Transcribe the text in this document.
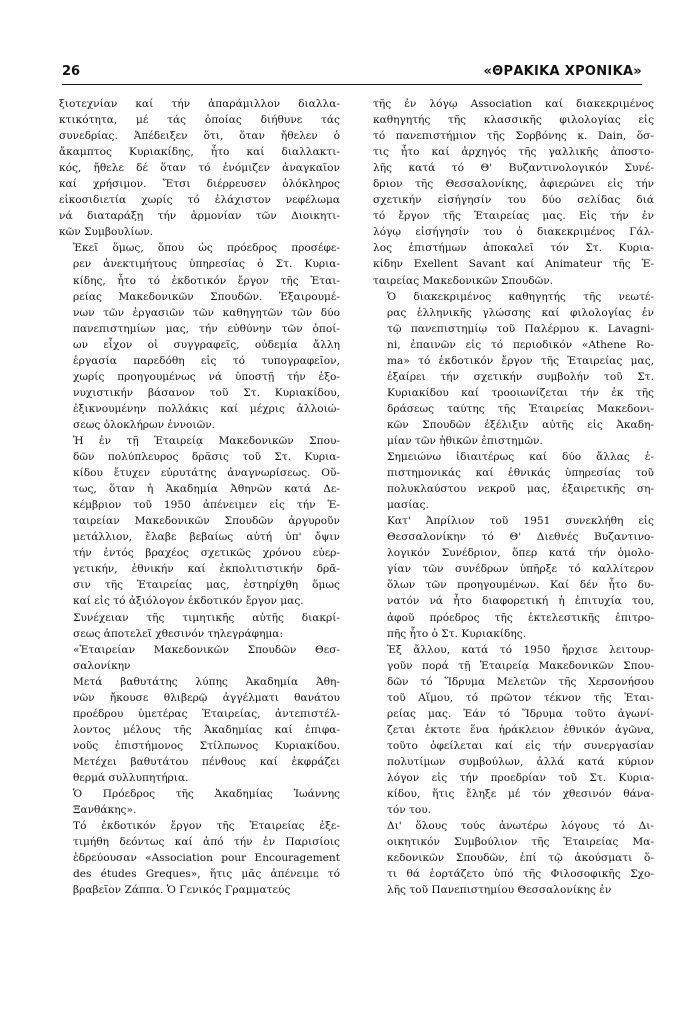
26	«ΘΡΑΚΙΚΑ ΧΡΟΝΙΚΑ»

ξιοτεχνίαν καί τήν ἀπαράμιλλον διαλλα-
κτικότητα, μέ τάς ὁποίας διήθυνε τάς
συνεδρίας. Ἀπέδειξεν ὅτι, ὅταν ἤθελεν ὁ
ἄκαμπτος Κυριακίδης, ἦτο καί διαλλακτι-
κός, ἤθελε δέ ὅταν τό ἐνόμιζεν ἀναγκαῖον
καί χρήσιμον. Ἔτσι διέρρευσεν ὁλόκληρος
εἰκοσιδιετία χωρίς τό ἐλάχιστον νεφέλωμα
νά διαταράξῃ τήν ἁρμονίαν τῶν Διοικητι-
κῶν Συμβουλίων.

Ἐκεῖ ὅμως, ὅπου ὡς πρόεδρος προσέφε-
ρεν ἀνεκτιμήτους ὑπηρεσίας ὁ Στ. Κυρια-
κίδης, ἦτο τό ἐκδοτικόν ἔργον τῆς Ἑται-
ρείας Μακεδονικῶν Σπουδῶν. Ἐξαιρουμέ-
νων τῶν ἐργασιῶν τῶν καθηγητῶν τῶν δύο
πανεπιστημίων μας, τήν εὐθύνην τῶν ὁποί-
ων εἶχον οἱ συγγραφεῖς, οὐδεμία ἄλλη
ἐργασία παρεδόθη εἰς τό τυπογραφεῖον,
χωρίς προηγουμένως νά ὑποστῇ τήν ἐξο-
νυχιστικήν βάσανον τοῦ Στ. Κυριακίδου,
ἐξικνουμένην πολλάκις καί μέχρις ἀλλοιώ-
σεως ὁλοκλήρων ἐννοιῶν.

Ἡ ἐν τῇ Ἑταιρείᾳ Μακεδονικῶν Σπου-
δῶν πολύπλευρος δρᾶσις τοῦ Στ. Κυρια-
κίδου ἔτυχεν εὐρυτάτης ἀναγνωρίσεως. Οὕ-
τως, ὅταν ἡ Ἀκαδημία Ἀθηνῶν κατά Δε-
κέμβριον τοῦ 1950 ἀπένειμεν εἰς τήν Ἑ-
ταιρείαν Μακεδονικῶν Σπουδῶν ἀργυροῦν
μετάλλιον, ἔλαβε βεβαίως αὐτή ὑπ' ὄψιν
τήν ἐντός βραχέος σχετικῶς χρόνου εὐερ-
γετικήν, ἐθνικήν καί ἐκπολιτιστικήν δρᾶ-
σιν τῆς Ἑταιρείας μας, ἐστηρίχθη ὅμως
καί εἰς τό ἀξιόλογον ἐκδοτικόν ἔργον μας.

Συνέχειαν τῆς τιμητικῆς αὐτῆς διακρί-
σεως ἀποτελεῖ χθεσινόν τηλεγράφημα:

«Ἑταιρείαν Μακεδονικῶν Σπουδῶν Θεσ-
σαλονίκην

Μετά βαθυτάτης λύπης Ἀκαδημία Ἀθη-
νῶν ἤκουσε θλιβερῷ ἀγγέλματι θανάτου
προέδρου ὑμετέρας Ἑταιρείας, ἀντεπιστέλ-
λοντος μέλους τῆς Ἀκαδημίας καί ἐπιφα-
νοῦς ἐπιστήμονος Στίλπωνος Κυριακίδου.
Μετέχει βαθυτάτου πένθους καί ἐκφράζει
θερμά συλλυπητήρια.

Ὁ Πρόεδρος τῆς Ἀκαδημίας Ἰωάννης
Ξανθάκης».

Τό ἐκδοτικόν ἔργον τῆς Ἑταιρείας ἐξε-
τιμήθη δεόντως καί ἀπό τήν ἐν Παρισίοις
ἑδρεύουσαν «Association pour Encouragement
des études Greques», ἥτις μᾶς ἀπένειμε τό
βραβεῖον Ζάππα. Ὁ Γενικός Γραμματεύς

τῆς ἐν λόγῳ Association καί διακεκριμένος
καθηγητής τῆς κλασσικῆς φιλολογίας εἰς
τό πανεπιστήμιον τῆς Σορβόνης κ. Dain, ὅσ-
τις ἦτο καί ἀρχηγός τῆς γαλλικῆς ἀποστο-
λῆς κατά τό Θ' Βυζαντινολογικόν Συνέ-
δριον τῆς Θεσσαλονίκης, ἀφιερώνει εἰς τήν
σχετικήν εἰσήγησίν του δύο σελίδας διά
τό ἔργον τῆς Ἑταιρείας μας. Εἰς τήν ἐν
λόγῳ εἰσήγησίν του ὁ διακεκριμένος Γάλ-
λος ἐπιστήμων ἀποκαλεῖ τόν Στ. Κυρια-
κίδην Exellent Savant καί Animateur τῆς Ἑ-
ταιρείας Μακεδονικῶν Σπουδῶν.

Ὁ διακεκριμένος καθηγητής τῆς νεωτέ-
ρας ἑλληνικῆς γλώσσης καί φιλολογίας ἐν
τῷ πανεπιστημίῳ τοῦ Παλέρμου κ. Lavagni-
ni, ἐπαινῶν εἰς τό περιοδικόν «Athene Ro-
ma» τό ἐκδοτικόν ἔργον τῆς Ἑταιρείας μας,
ἐξαίρει τήν σχετικήν συμβολήν τοῦ Στ.
Κυριακίδου καί τροοιωνίζεται τήν ἐκ τῆς
δράσεως ταύτης τῆς Ἑταιρείας Μακεδονι-
κῶν Σπουδῶν ἐξέλιξιν αὐτῆς εἰς Ἀκαδη-
μίαν τῶν ἠθικῶν ἐπιστημῶν.

Σημειώνω ἰδιαιτέρως καί δύο ἄλλας ἐ-
πιστημονικάς καί ἐθνικάς ὑπηρεσίας τοῦ
πολυκλαύστου νεκροῦ μας, ἐξαιρετικῆς ση-
μασίας.

Κατ' Ἀπρίλιον τοῦ 1951 συνεκλήθη εἰς
Θεσσαλονίκην τό Θ' Διεθνές Βυζαντινο-
λογικόν Συνέδριον, ὅπερ κατά τήν ὁμολο-
γίαν τῶν συνέδρων ὑπῆρξε τό καλλίτερον
ὅλων τῶν προηγουμένων. Καί δέν ἦτο δυ-
νατόν νά ἦτο διαφορετική ἡ ἐπιτυχία του,
ἀφοῦ πρόεδρος τῆς ἐκτελεστικῆς ἐπιτρο-
πῆς ἦτο ὁ Στ. Κυριακίδης.

Ἐξ ἄλλου, κατά τό 1950 ἤρχισε λειτουρ-
γοῦν πορά τῇ Ἑταιρείᾳ Μακεδονικῶν Σπου-
δῶν τό Ἵδρυμα Μελετῶν τῆς Χερσονήσου
τοῦ Αἵμου, τό πρῶτον τέκνον τῆς Ἑται-
ρείας μας. Ἐάν τό Ἵδρυμα τοῦτο ἀγωνί-
ζεται ἐκτοτε ἕνα ἠράκλειον ἐθνικόν ἀγῶνα,
τοῦτο ὀφείλεται καί εἰς τήν συνεργασίαν
πολυτίμων συμβούλων, ἀλλά κατά κύριον
λόγον εἰς τήν προεδρίαν τοῦ Στ. Κυρια-
κίδου, ἥτις ἔληξε μέ τόν χθεσινόν θάνα-
τόν του.

Δι' ὅλους τούς ἀνωτέρω λόγους τό Δι-
οικητικόν Συμβούλιον τῆς Ἑταιρείας Μα-
κεδονικῶν Σπουδῶν, ἐπί τῷ ἀκούσματι ὅ-
τι θά ἑορτάζετο ὑπό τῆς Φιλοσοφικῆς Σχο-
λῆς τοῦ Πανεπιστημίου Θεσσαλονίκης ἐν
